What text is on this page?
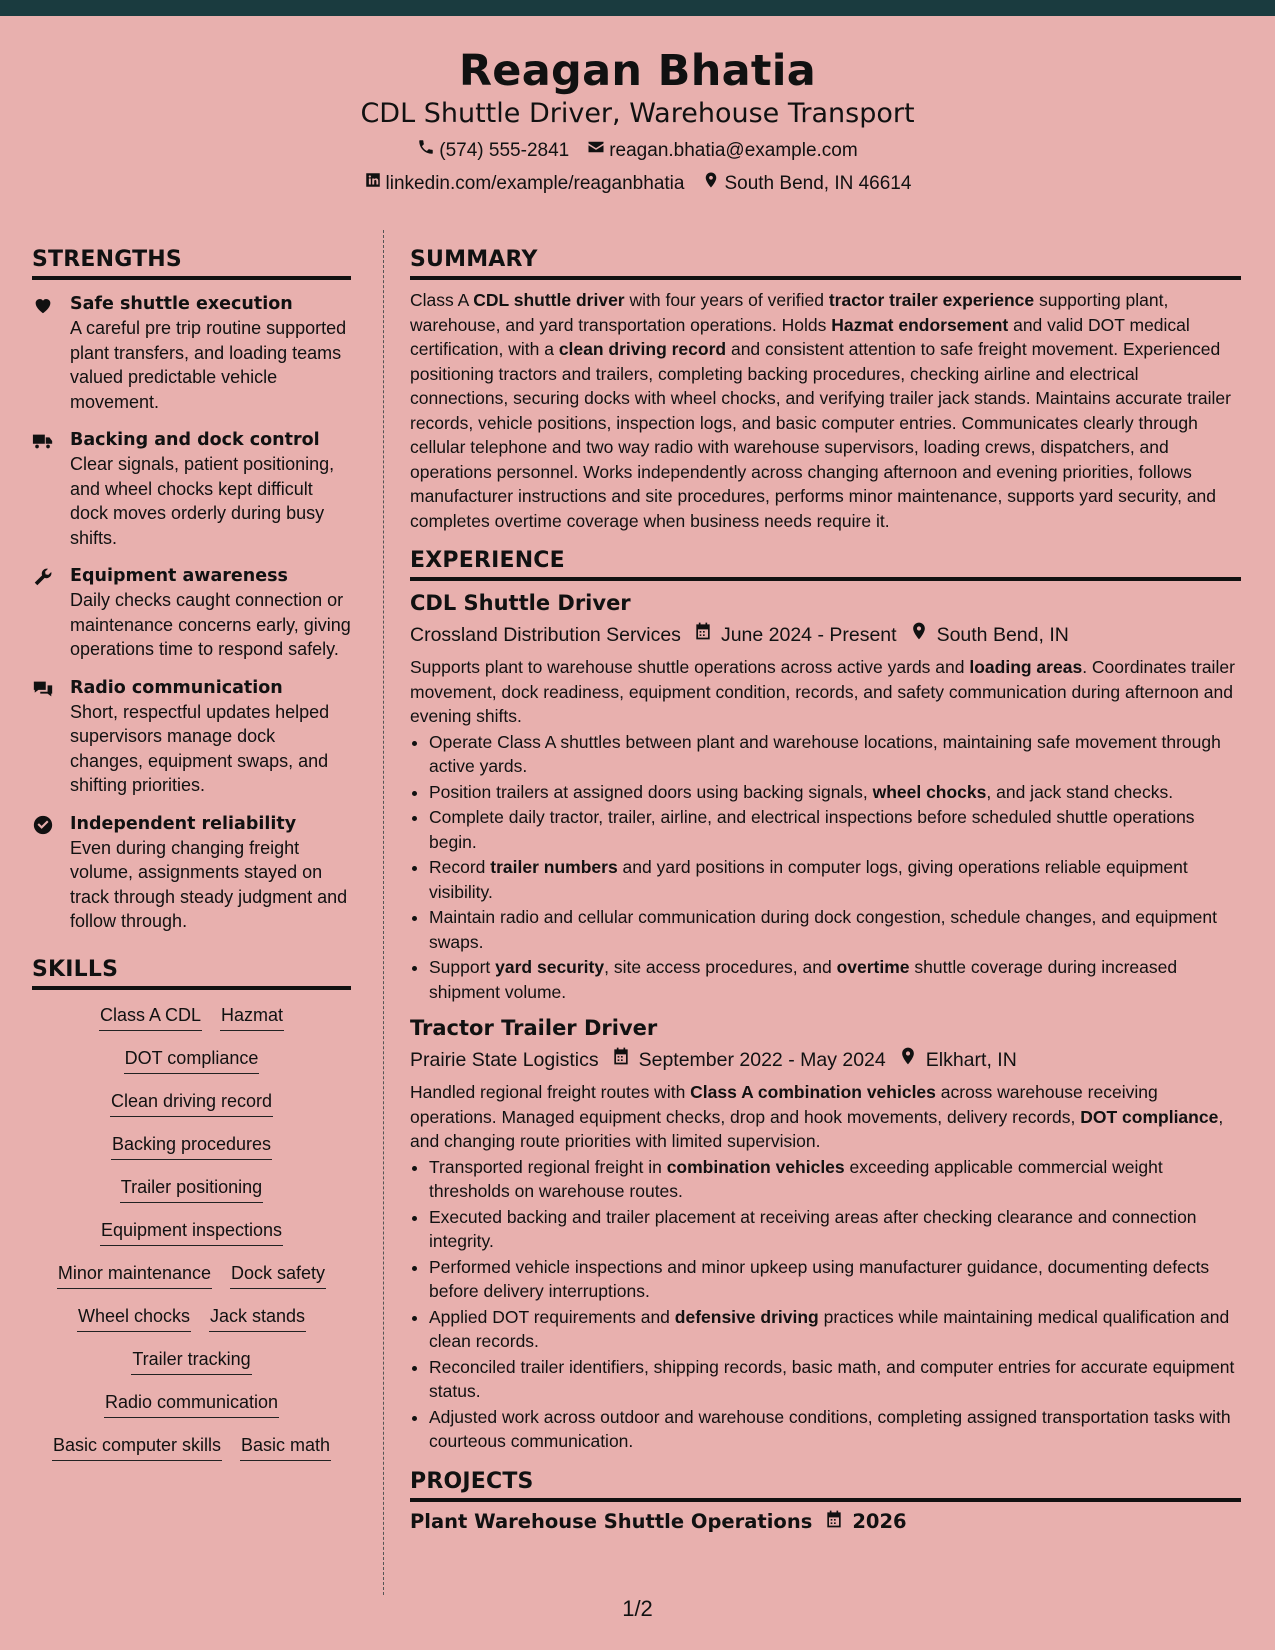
Reagan Bhatia
CDL Shuttle Driver, Warehouse Transport
(574) 555-2841 reagan.bhatia@example.com
linkedin.com/example/reaganbhatia South Bend, IN 46614
STRENGTHS
Safe shuttle execution
A careful pre trip routine supported plant transfers, and loading teams valued predictable vehicle movement.
Backing and dock control
Clear signals, patient positioning, and wheel chocks kept difficult dock moves orderly during busy shifts.
Equipment awareness
Daily checks caught connection or maintenance concerns early, giving operations time to respond safely.
Radio communication
Short, respectful updates helped supervisors manage dock changes, equipment swaps, and shifting priorities.
Independent reliability
Even during changing freight volume, assignments stayed on track through steady judgment and follow through.
SKILLS
Class A CDL Hazmat
DOT compliance
Clean driving record
Backing procedures
Trailer positioning
Equipment inspections
Minor maintenance Dock safety
Wheel chocks Jack stands
Trailer tracking
Radio communication
Basic computer skills Basic math
SUMMARY
Class A CDL shuttle driver with four years of verified tractor trailer experience supporting plant, warehouse, and yard transportation operations. Holds Hazmat endorsement and valid DOT medical certification, with a clean driving record and consistent attention to safe freight movement. Experienced positioning tractors and trailers, completing backing procedures, checking airline and electrical connections, securing docks with wheel chocks, and verifying trailer jack stands. Maintains accurate trailer records, vehicle positions, inspection logs, and basic computer entries. Communicates clearly through cellular telephone and two way radio with warehouse supervisors, loading crews, dispatchers, and operations personnel. Works independently across changing afternoon and evening priorities, follows manufacturer instructions and site procedures, performs minor maintenance, supports yard security, and completes overtime coverage when business needs require it.
EXPERIENCE
CDL Shuttle Driver
Crossland Distribution Services June 2024 - Present South Bend, IN
Supports plant to warehouse shuttle operations across active yards and loading areas. Coordinates trailer movement, dock readiness, equipment condition, records, and safety communication during afternoon and evening shifts.
• Operate Class A shuttles between plant and warehouse locations, maintaining safe movement through active yards.
• Position trailers at assigned doors using backing signals, wheel chocks, and jack stand checks.
• Complete daily tractor, trailer, airline, and electrical inspections before scheduled shuttle operations begin.
• Record trailer numbers and yard positions in computer logs, giving operations reliable equipment visibility.
• Maintain radio and cellular communication during dock congestion, schedule changes, and equipment swaps.
• Support yard security, site access procedures, and overtime shuttle coverage during increased shipment volume.
Tractor Trailer Driver
Prairie State Logistics September 2022 - May 2024 Elkhart, IN
Handled regional freight routes with Class A combination vehicles across warehouse receiving operations. Managed equipment checks, drop and hook movements, delivery records, DOT compliance, and changing route priorities with limited supervision.
• Transported regional freight in combination vehicles exceeding applicable commercial weight thresholds on warehouse routes.
• Executed backing and trailer placement at receiving areas after checking clearance and connection integrity.
• Performed vehicle inspections and minor upkeep using manufacturer guidance, documenting defects before delivery interruptions.
• Applied DOT requirements and defensive driving practices while maintaining medical qualification and clean records.
• Reconciled trailer identifiers, shipping records, basic math, and computer entries for accurate equipment status.
• Adjusted work across outdoor and warehouse conditions, completing assigned transportation tasks with courteous communication.
PROJECTS
Plant Warehouse Shuttle Operations 2026
1/2
